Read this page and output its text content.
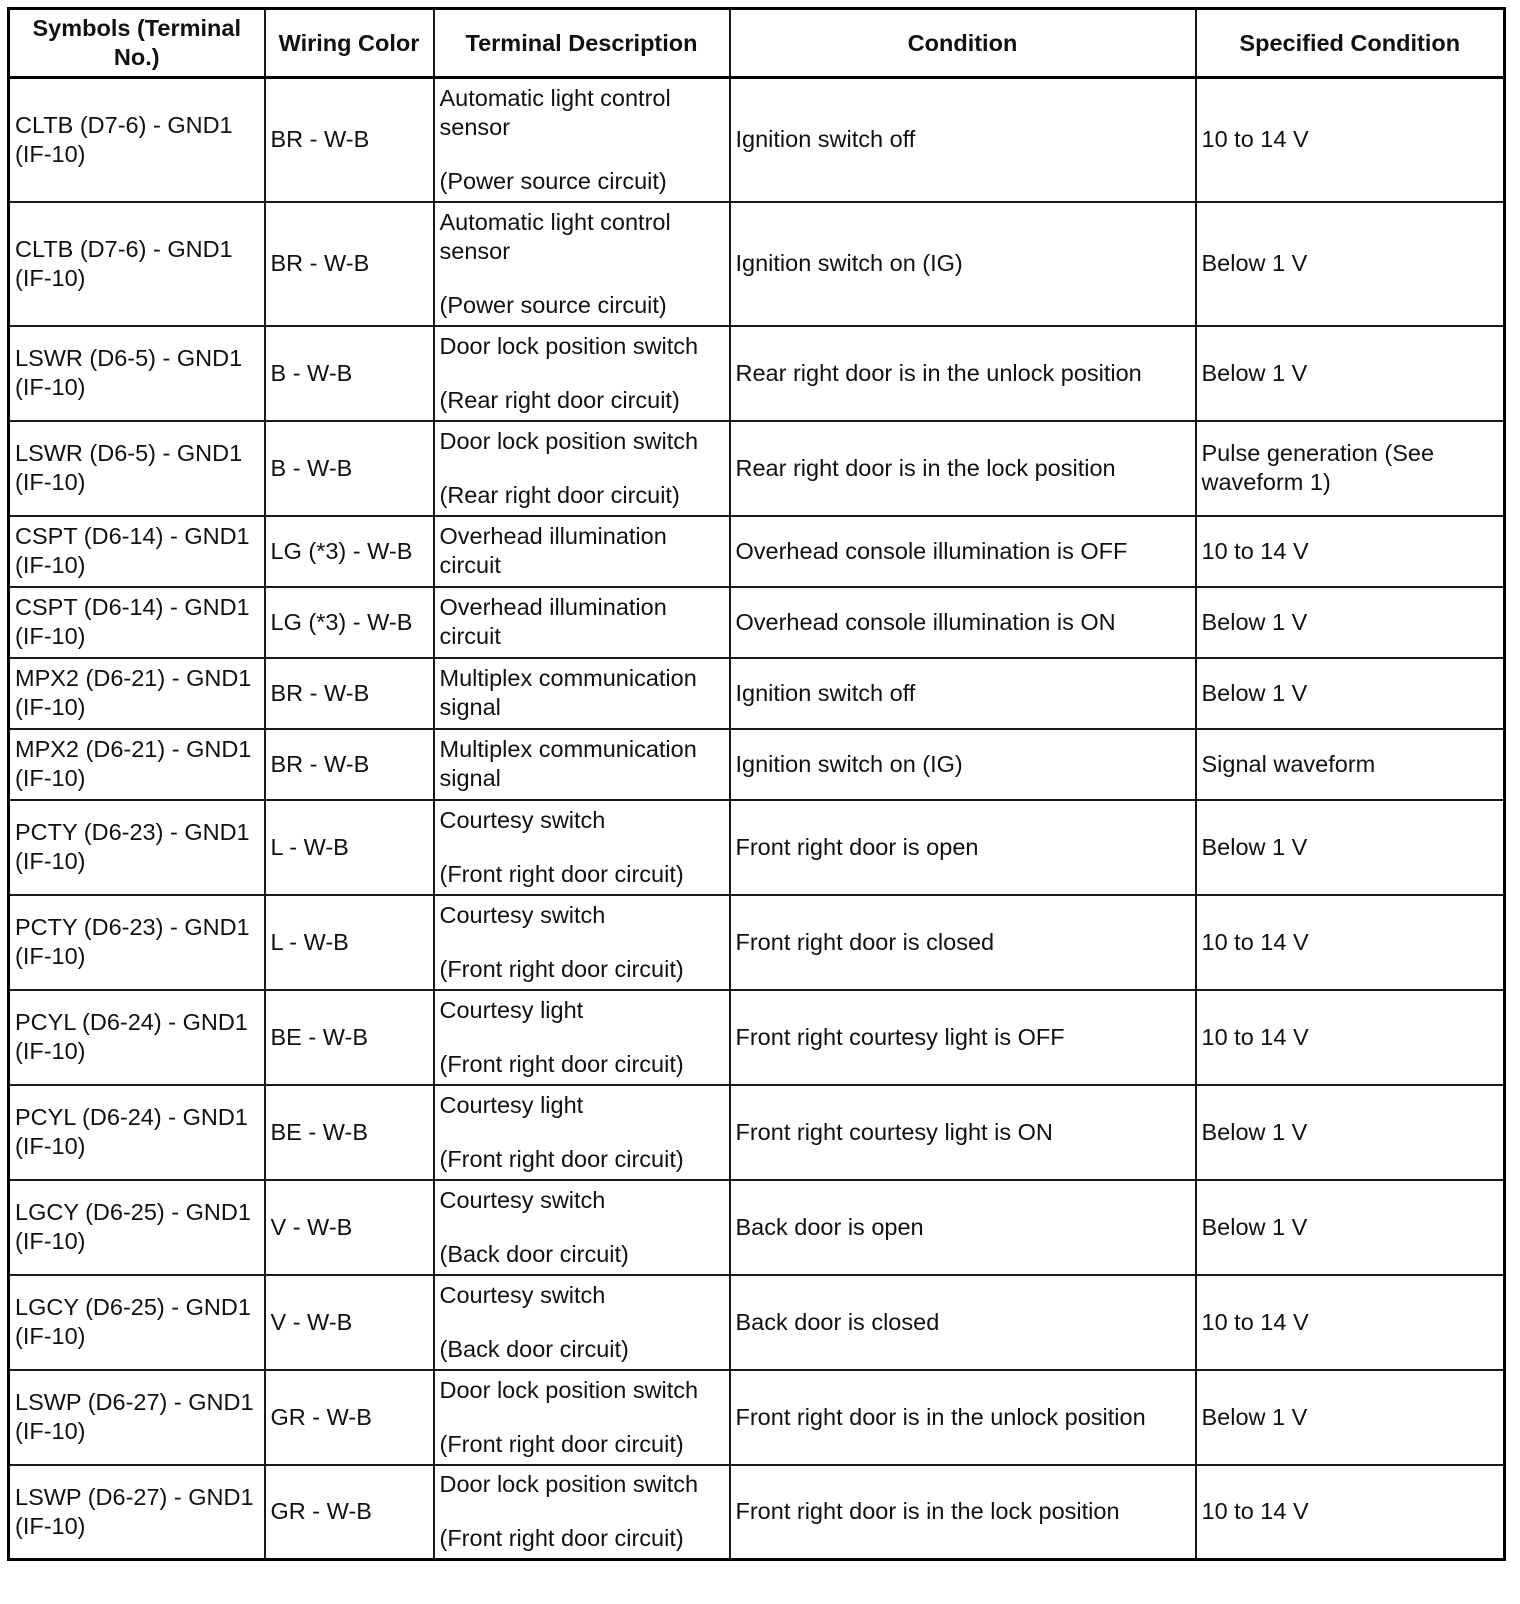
Symbols (Terminal No.)	Wiring Color	Terminal Description	Condition	Specified Condition

CLTB (D7-6) - GND1 (IF-10)	BR - W-B	Automatic light control sensor
(Power source circuit)	Ignition switch off	10 to 14 V

CLTB (D7-6) - GND1 (IF-10)	BR - W-B	Automatic light control sensor
(Power source circuit)	Ignition switch on (IG)	Below 1 V

LSWR (D6-5) - GND1 (IF-10)	B - W-B	Door lock position switch
(Rear right door circuit)	Rear right door is in the unlock position	Below 1 V

LSWR (D6-5) - GND1 (IF-10)	B - W-B	Door lock position switch
(Rear right door circuit)	Rear right door is in the lock position	Pulse generation (See waveform 1)

CSPT (D6-14) - GND1 (IF-10)	LG (*3) - W-B	Overhead illumination circuit	Overhead console illumination is OFF	10 to 14 V

CSPT (D6-14) - GND1 (IF-10)	LG (*3) - W-B	Overhead illumination circuit	Overhead console illumination is ON	Below 1 V

MPX2 (D6-21) - GND1 (IF-10)	BR - W-B	Multiplex communication signal	Ignition switch off	Below 1 V

MPX2 (D6-21) - GND1 (IF-10)	BR - W-B	Multiplex communication signal	Ignition switch on (IG)	Signal waveform

PCTY (D6-23) - GND1 (IF-10)	L - W-B	Courtesy switch
(Front right door circuit)	Front right door is open	Below 1 V

PCTY (D6-23) - GND1 (IF-10)	L - W-B	Courtesy switch
(Front right door circuit)	Front right door is closed	10 to 14 V

PCYL (D6-24) - GND1 (IF-10)	BE - W-B	Courtesy light
(Front right door circuit)	Front right courtesy light is OFF	10 to 14 V

PCYL (D6-24) - GND1 (IF-10)	BE - W-B	Courtesy light
(Front right door circuit)	Front right courtesy light is ON	Below 1 V

LGCY (D6-25) - GND1 (IF-10)	V - W-B	Courtesy switch
(Back door circuit)	Back door is open	Below 1 V

LGCY (D6-25) - GND1 (IF-10)	V - W-B	Courtesy switch
(Back door circuit)	Back door is closed	10 to 14 V

LSWP (D6-27) - GND1 (IF-10)	GR - W-B	Door lock position switch
(Front right door circuit)	Front right door is in the unlock position	Below 1 V

LSWP (D6-27) - GND1 (IF-10)	GR - W-B	Door lock position switch
(Front right door circuit)	Front right door is in the lock position	10 to 14 V
